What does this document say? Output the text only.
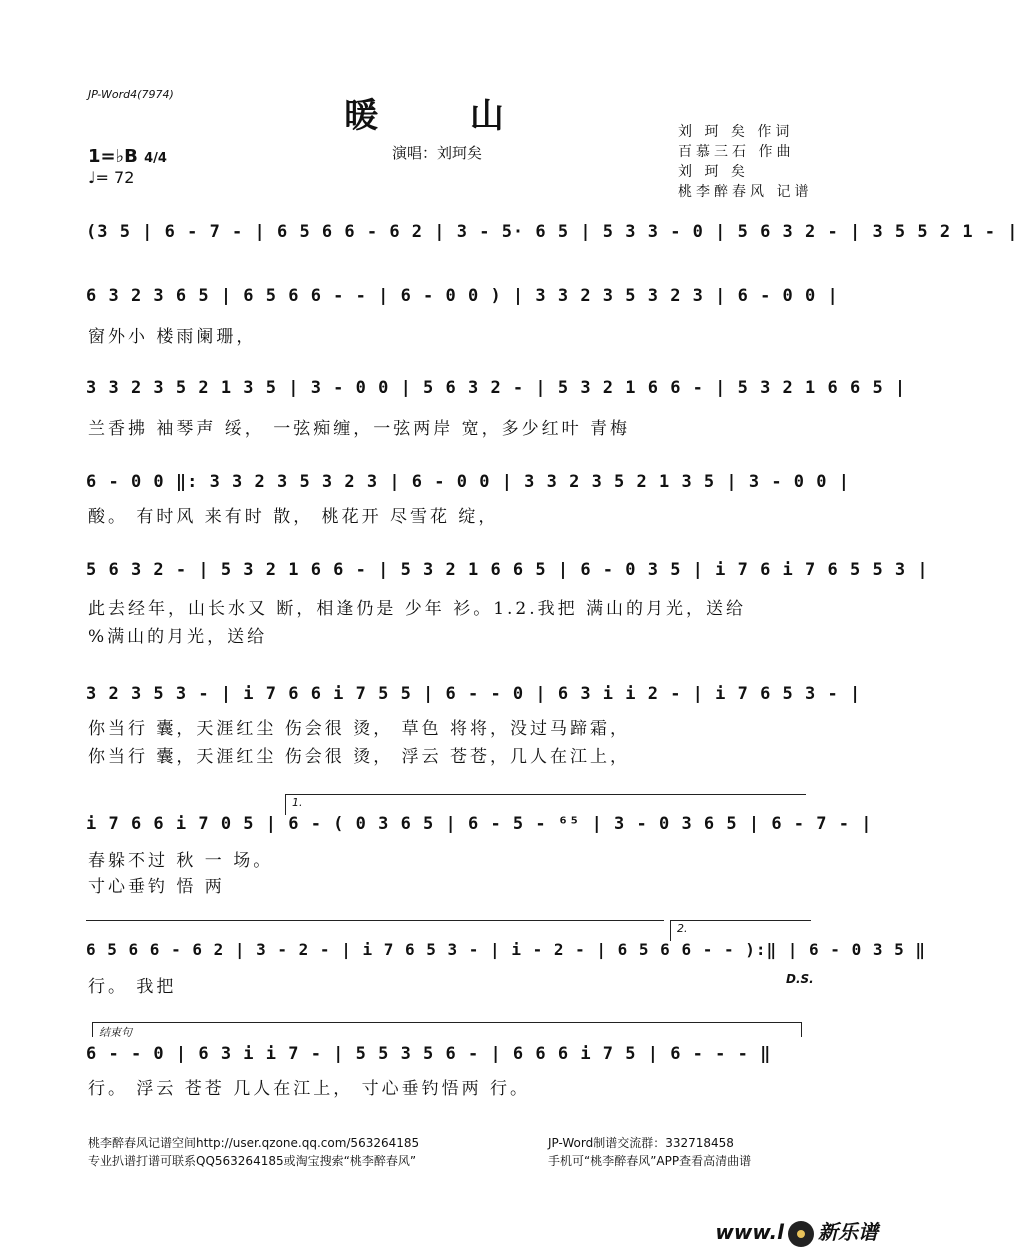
JP-Word4(7974)
暖 山
演唱：刘珂矣
1=♭B 4/4
♩= 72
刘 珂 矣 作词
百慕三石 作曲
刘 珂 矣
桃李醉春风 记谱
(3 5 | 6 - 7 - | 6 5 6 6 - 6 2 | 3 - 5· 6 5 | 5 3 3 - 0 | 5 6 3 2 - | 3 5 5 2 1 - |
6 3 2 3 6 5 | 6 5 6 6 - - | 6 - 0 0 ) | 3 3 2 3 5 3 2 3 | 6 - 0 0 |
窗外小 楼雨阑珊，
3 3 2 3 5 2 1 3 5 | 3 - 0 0 | 5 6 3 2 - | 5 3 2 1 6 6 - | 5 3 2 1 6 6 5 |
兰香拂 袖琴声 绥， 一弦痴缠，一弦两岸 宽，多少红叶 青梅
6 - 0 0 ‖: 3 3 2 3 5 3 2 3 | 6 - 0 0 | 3 3 2 3 5 2 1 3 5 | 3 - 0 0 |
酸。 有时风 来有时 散， 桃花开 尽雪花 绽，
5 6 3 2 - | 5 3 2 1 6 6 - | 5 3 2 1 6 6 5 | 6 - 0 3 5 | i 7 6 i 7 6 5 5 3 |
此去经年，山长水又 断，相逢仍是 少年 衫。1.2.我把 满山的月光，送给
%满山的月光，送给
3 2 3 5 3 - | i 7 6 6 i 7 5 5 | 6 - - 0 | 6 3 i i 2 - | i 7 6 5 3 - |
你当行 囊，天涯红尘 伤会很 烫， 草色 将将，没过马蹄霜，
你当行 囊，天涯红尘 伤会很 烫， 浮云 苍苍，几人在江上，
1.
i 7 6 6 i 7 0 5 | 6 - ( 0 3 6 5 | 6 - 5 - ⁶⁵ | 3 - 0 3 6 5 | 6 - 7 - |
春躲不过 秋 一 场。
寸心垂钓 悟 两
2.
6 5 6 6 - 6 2 | 3 - 2 - | i 7 6 5 3 - | i - 2 - | 6 5 6 6 - - ):‖ | 6 - 0 3 5 ‖
行。 我把	D.S.
结束句
6 - - 0 | 6 3 i i 7 - | 5 5 3 5 6 - | 6 6 6 i 7 5 | 6 - - - ‖
行。 浮云 苍苍 几人在江上， 寸心垂钓悟两 行。
桃李醉春风记谱空间http://user.qzone.qq.com/563264185
专业扒谱打谱可联系QQ563264185或淘宝搜索“桃李醉春风”
JP-Word制谱交流群：332718458
手机可“桃李醉春风”APP查看高清曲谱
www.l 新乐谱
